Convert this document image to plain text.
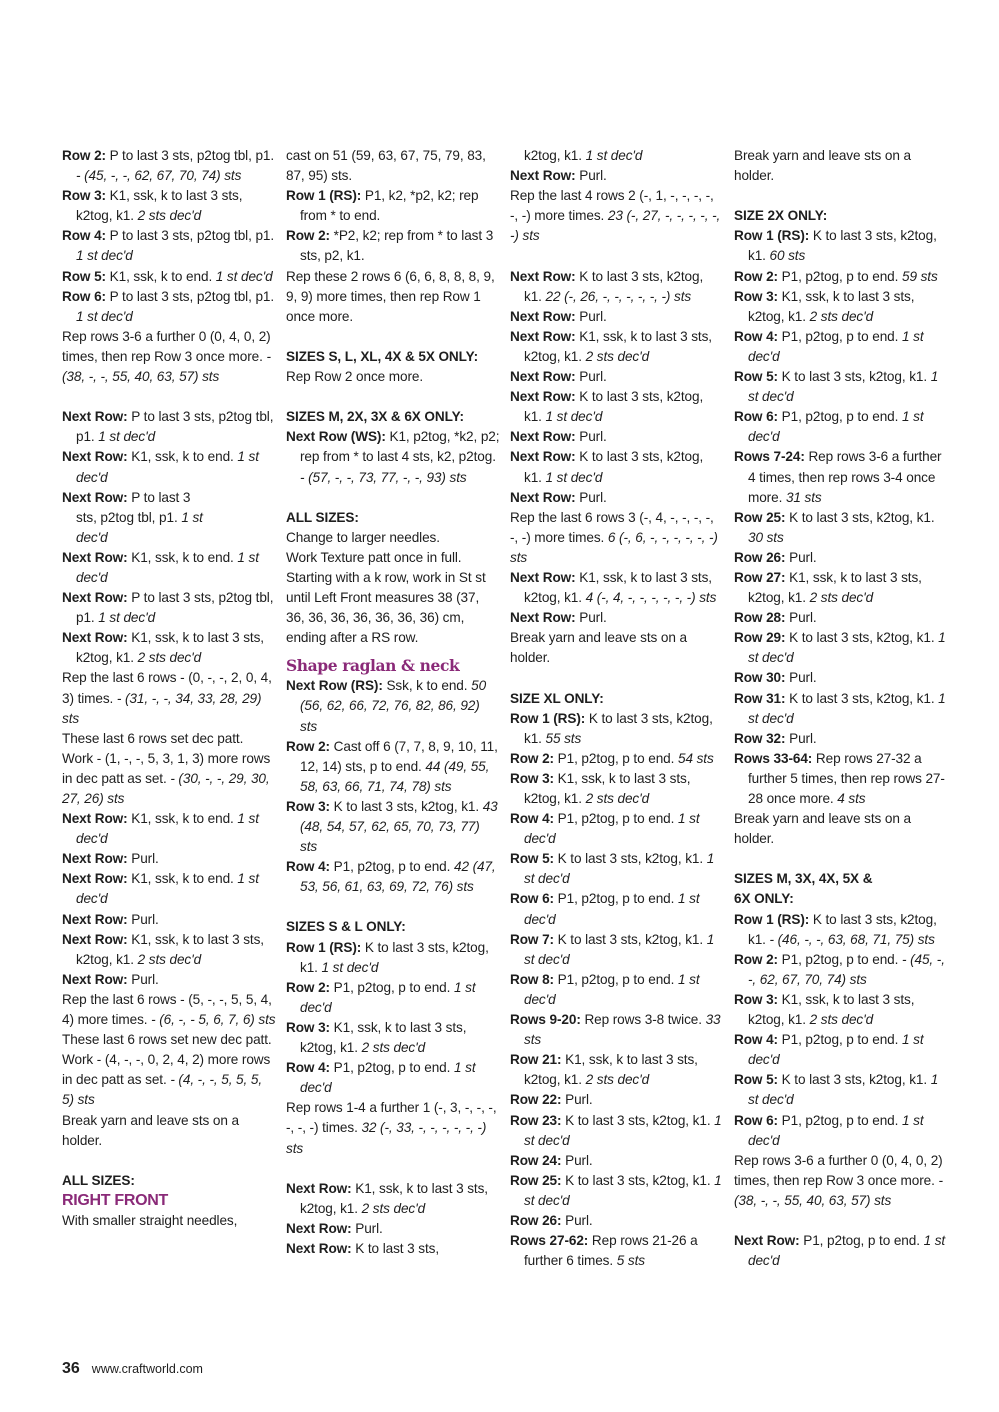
Row 2: P to last 3 sts, p2tog tbl, p1. - (45, -, -, 62, 67, 70, 74) sts

Row 3: K1, ssk, k to last 3 sts, k2tog, k1. 2 sts dec'd

Row 4: P to last 3 sts, p2tog tbl, p1. 1 st dec'd

Row 5: K1, ssk, k to end. 1 st dec'd

Row 6: P to last 3 sts, p2tog tbl, p1. 1 st dec'd

Rep rows 3-6 a further 0 (0, 4, 0, 2) times, then rep Row 3 once more. - (38, -, -, 55, 40, 63, 57) sts

Next Row: P to last 3 sts, p2tog tbl, p1. 1 st dec'd

Next Row: K1, ssk, k to end. 1 st dec'd

Next Row: P to last 3 sts, p2tog tbl, p1. 1 st dec'd

Next Row: K1, ssk, k to end. 1 st dec'd

Next Row: P to last 3 sts, p2tog tbl, p1. 1 st dec'd

Next Row: K1, ssk, k to last 3 sts, k2tog, k1. 2 sts dec'd

Rep the last 6 rows - (0, -, -, 2, 0, 4, 3) times. - (31, -, -, 34, 33, 28, 29) sts

These last 6 rows set dec patt.

Work - (1, -, -, 5, 3, 1, 3) more rows in dec patt as set. - (30, -, -, 29, 30, 27, 26) sts

Next Row: K1, ssk, k to end. 1 st dec'd

Next Row: Purl.

Next Row: K1, ssk, k to end. 1 st dec'd

Next Row: Purl.

Next Row: K1, ssk, k to last 3 sts, k2tog, k1. 2 sts dec'd

Next Row: Purl.

Rep the last 6 rows - (5, -, -, 5, 5, 4, 4) more times. - (6, -, - 5, 6, 7, 6) sts

These last 6 rows set new dec patt.

Work - (4, -, -, 0, 2, 4, 2) more rows in dec patt as set. - (4, -, -, 5, 5, 5, 5) sts

Break yarn and leave sts on a holder.

ALL SIZES:
RIGHT FRONT

With smaller straight needles,

cast on 51 (59, 63, 67, 75, 79, 83, 87, 95) sts.

Row 1 (RS): P1, k2, *p2, k2; rep from * to end.

Row 2: *P2, k2; rep from * to last 3 sts, p2, k1.

Rep these 2 rows 6 (6, 6, 8, 8, 8, 9, 9, 9) more times, then rep Row 1 once more.

SIZES S, L, XL, 4X & 5X ONLY:

Rep Row 2 once more.

SIZES M, 2X, 3X & 6X ONLY:

Next Row (WS): K1, p2tog, *k2, p2; rep from * to last 4 sts, k2, p2tog. - (57, -, -, 73, 77, -, -, 93) sts

ALL SIZES:

Change to larger needles.

Work Texture patt once in full.

Starting with a k row, work in St st until Left Front measures 38 (37, 36, 36, 36, 36, 36, 36, 36) cm, ending after a RS row.

Shape raglan & neck

Next Row (RS): Ssk, k to end. 50 (56, 62, 66, 72, 76, 82, 86, 92) sts

Row 2: Cast off 6 (7, 7, 8, 9, 10, 11, 12, 14) sts, p to end. 44 (49, 55, 58, 63, 66, 71, 74, 78) sts

Row 3: K to last 3 sts, k2tog, k1. 43 (48, 54, 57, 62, 65, 70, 73, 77) sts

Row 4: P1, p2tog, p to end. 42 (47, 53, 56, 61, 63, 69, 72, 76) sts

SIZES S & L ONLY:

Row 1 (RS): K to last 3 sts, k2tog, k1. 1 st dec'd

Row 2: P1, p2tog, p to end. 1 st dec'd

Row 3: K1, ssk, k to last 3 sts, k2tog, k1. 2 sts dec'd

Row 4: P1, p2tog, p to end. 1 st dec'd

Rep rows 1-4 a further 1 (-, 3, -, -, -, -, -, -) times. 32 (-, 33, -, -, -, -, -, -) sts

Next Row: K1, ssk, k to last 3 sts, k2tog, k1. 2 sts dec'd

Next Row: Purl.

Next Row: K to last 3 sts,

k2tog, k1. 1 st dec'd

Next Row: Purl.

Rep the last 4 rows 2 (-, 1, -, -, -, -, -, -) more times. 23 (-, 27, -, -, -, -, -, -) sts

Next Row: K to last 3 sts, k2tog, k1. 22 (-, 26, -, -, -, -, -, -) sts

Next Row: Purl.

Next Row: K1, ssk, k to last 3 sts, k2tog, k1. 2 sts dec'd

Next Row: Purl.

Next Row: K to last 3 sts, k2tog, k1. 1 st dec'd

Next Row: Purl.

Next Row: K to last 3 sts, k2tog, k1. 1 st dec'd

Next Row: Purl.

Rep the last 6 rows 3 (-, 4, -, -, -, -, -, -) more times. 6 (-, 6, -, -, -, -, -, -) sts

Next Row: K1, ssk, k to last 3 sts, k2tog, k1. 4 (-, 4, -, -, -, -, -, -) sts

Next Row: Purl.

Break yarn and leave sts on a holder.

SIZE XL ONLY:

Row 1 (RS): K to last 3 sts, k2tog, k1. 55 sts

Row 2: P1, p2tog, p to end. 54 sts

Row 3: K1, ssk, k to last 3 sts, k2tog, k1. 2 sts dec'd

Row 4: P1, p2tog, p to end. 1 st dec'd

Row 5: K to last 3 sts, k2tog, k1. 1 st dec'd

Row 6: P1, p2tog, p to end. 1 st dec'd

Row 7: K to last 3 sts, k2tog, k1. 1 st dec'd

Row 8: P1, p2tog, p to end. 1 st dec'd

Rows 9-20: Rep rows 3-8 twice. 33 sts

Row 21: K1, ssk, k to last 3 sts, k2tog, k1. 2 sts dec'd

Row 22: Purl.

Row 23: K to last 3 sts, k2tog, k1. 1 st dec'd

Row 24: Purl.

Row 25: K to last 3 sts, k2tog, k1. 1 st dec'd

Row 26: Purl.

Rows 27-62: Rep rows 21-26 a further 6 times. 5 sts

Break yarn and leave sts on a holder.

SIZE 2X ONLY:

Row 1 (RS): K to last 3 sts, k2tog, k1. 60 sts

Row 2: P1, p2tog, p to end. 59 sts

Row 3: K1, ssk, k to last 3 sts, k2tog, k1. 2 sts dec'd

Row 4: P1, p2tog, p to end. 1 st dec'd

Row 5: K to last 3 sts, k2tog, k1. 1 st dec'd

Row 6: P1, p2tog, p to end. 1 st dec'd

Rows 7-24: Rep rows 3-6 a further 4 times, then rep rows 3-4 once more. 31 sts

Row 25: K to last 3 sts, k2tog, k1. 30 sts

Row 26: Purl.

Row 27: K1, ssk, k to last 3 sts, k2tog, k1. 2 sts dec'd

Row 28: Purl.

Row 29: K to last 3 sts, k2tog, k1. 1 st dec'd

Row 30: Purl.

Row 31: K to last 3 sts, k2tog, k1. 1 st dec'd

Row 32: Purl.

Rows 33-64: Rep rows 27-32 a further 5 times, then rep rows 27-28 once more. 4 sts

Break yarn and leave sts on a holder.

SIZES M, 3X, 4X, 5X & 6X ONLY:

Row 1 (RS): K to last 3 sts, k2tog, k1. - (46, -, -, 63, 68, 71, 75) sts

Row 2: P1, p2tog, p to end. - (45, -, -, 62, 67, 70, 74) sts

Row 3: K1, ssk, k to last 3 sts, k2tog, k1. 2 sts dec'd

Row 4: P1, p2tog, p to end. 1 st dec'd

Row 5: K to last 3 sts, k2tog, k1. 1 st dec'd

Row 6: P1, p2tog, p to end. 1 st dec'd

Rep rows 3-6 a further 0 (0, 4, 0, 2) times, then rep Row 3 once more. - (38, -, -, 55, 40, 63, 57) sts

Next Row: P1, p2tog, p to end. 1 st dec'd

36 www.craftworld.com
